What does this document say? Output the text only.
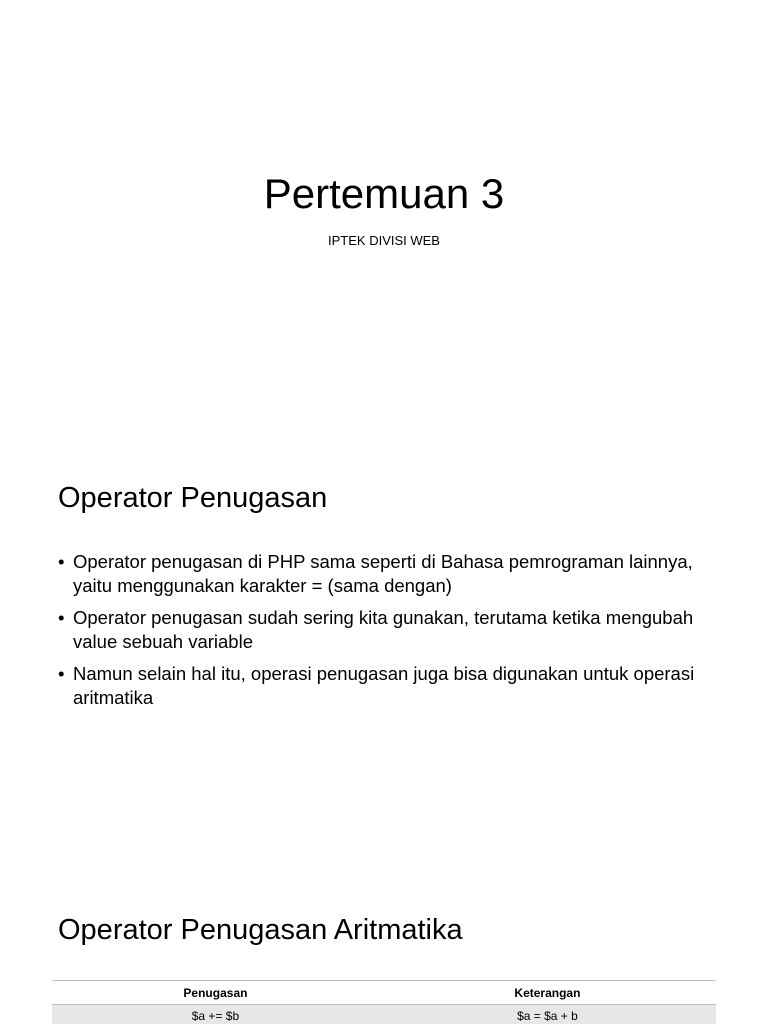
Pertemuan 3
IPTEK DIVISI WEB
Operator Penugasan
• Operator penugasan di PHP sama seperti di Bahasa pemrograman lainnya, yaitu menggunakan karakter = (sama dengan)
• Operator penugasan sudah sering kita gunakan, terutama ketika mengubah value sebuah variable
• Namun selain hal itu, operasi penugasan juga bisa digunakan untuk operasi aritmatika
Operator Penugasan Aritmatika
Penugasan	Keterangan
$a += $b	$a = $a + b
